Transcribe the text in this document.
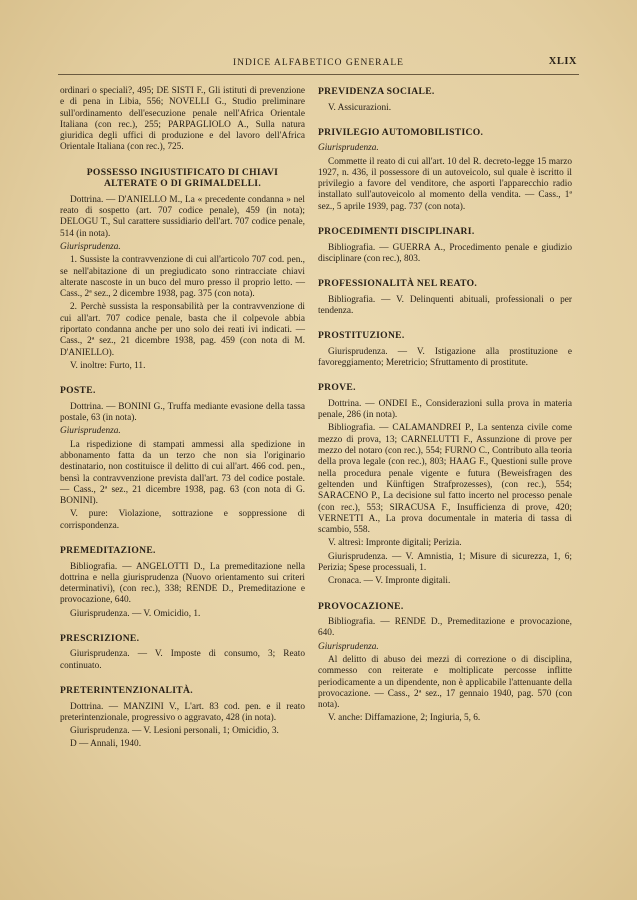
INDICE ALFABETICO GENERALE	XLIX

ordinari o speciali?, 495; DE SISTI F., Gli istituti di prevenzione e di pena in Libia, 556; NOVELLI G., Studio preliminare sull'ordinamento dell'esecuzione penale nell'Africa Orientale Italiana (con rec.), 255; PARPAGLIOLO A., Sulla natura giuridica degli uffici di produzione e del lavoro dell'Africa Orientale Italiana (con rec.), 725.

POSSESSO INGIUSTIFICATO DI CHIAVI ALTERATE O DI GRIMALDELLI.

Dottrina. — D'ANIELLO M., La « precedente condanna » nel reato di sospetto (art. 707 codice penale), 459 (in nota); DELOGU T., Sul carattere sussidiario dell'art. 707 codice penale, 514 (in nota).

Giurisprudenza.

1. Sussiste la contravvenzione di cui all'articolo 707 cod. pen., se nell'abitazione di un pregiudicato sono rintracciate chiavi alterate nascoste in un buco del muro presso il proprio letto. — Cass., 2ª sez., 2 dicembre 1938, pag. 375 (con nota).

2. Perchè sussista la responsabilità per la contravvenzione di cui all'art. 707 codice penale, basta che il colpevole abbia riportato condanna anche per uno solo dei reati ivi indicati. — Cass., 2ª sez., 21 dicembre 1938, pag. 459 (con nota di M. D'ANIELLO).

V. inoltre: Furto, 11.

POSTE.

Dottrina. — BONINI G., Truffa mediante evasione della tassa postale, 63 (in nota).

Giurisprudenza.

La rispedizione di stampati ammessi alla spedizione in abbonamento fatta da un terzo che non sia l'originario destinatario, non costituisce il delitto di cui all'art. 466 cod. pen., bensì la contravvenzione prevista dall'art. 73 del codice postale. — Cass., 2ª sez., 21 dicembre 1938, pag. 63 (con nota di G. BONINI).

V. pure: Violazione, sottrazione e soppressione di corrispondenza.

PREMEDITAZIONE.

Bibliografia. — ANGELOTTI D., La premeditazione nella dottrina e nella giurisprudenza (Nuovo orientamento sui criteri determinativi), (con rec.), 338; RENDE D., Premeditazione e provocazione, 640.

Giurisprudenza. — V. Omicidio, 1.

PRESCRIZIONE.

Giurisprudenza. — V. Imposte di consumo, 3; Reato continuato.

PRETERINTENZIONALITÀ.

Dottrina. — MANZINI V., L'art. 83 cod. pen. e il reato preterintenzionale, progressivo o aggravato, 428 (in nota).

Giurisprudenza. — V. Lesioni personali, 1; Omicidio, 3.

D — Annali, 1940.

PREVIDENZA SOCIALE.

V. Assicurazioni.

PRIVILEGIO AUTOMOBILISTICO.

Giurisprudenza.

Commette il reato di cui all'art. 10 del R. decreto-legge 15 marzo 1927, n. 436, il possessore di un autoveicolo, sul quale è iscritto il privilegio a favore del venditore, che asporti l'apparecchio radio installato sull'autoveicolo al momento della vendita. — Cass., 1ª sez., 5 aprile 1939, pag. 737 (con nota).

PROCEDIMENTI DISCIPLINARI.

Bibliografia. — GUERRA A., Procedimento penale e giudizio disciplinare (con rec.), 803.

PROFESSIONALITÀ NEL REATO.

Bibliografia. — V. Delinquenti abituali, professionali o per tendenza.

PROSTITUZIONE.

Giurisprudenza. — V. Istigazione alla prostituzione e favoreggiamento; Meretricio; Sfruttamento di prostitute.

PROVE.

Dottrina. — ONDEI E., Considerazioni sulla prova in materia penale, 286 (in nota).

Bibliografia. — CALAMANDREI P., La sentenza civile come mezzo di prova, 13; CARNELUTTI F., Assunzione di prove per mezzo del notaro (con rec.), 554; FURNO C., Contributo alla teoria della prova legale (con rec.), 803; HAAG F., Questioni sulle prove nella procedura penale vigente e futura (Beweisfragen des geltenden und Künftigen Strafprozesses), (con rec.), 554; SARACENO P., La decisione sul fatto incerto nel processo penale (con rec.), 553; SIRACUSA F., Insufficienza di prove, 420; VERNETTI A., La prova documentale in materia di tassa di scambio, 558.

V. altresì: Improntе digitali; Perizia.

Giurisprudenza. — V. Amnistia, 1; Misure di sicurezza, 1, 6; Perizia; Spese processuali, 1.

Cronaca. — V. Impronte digitali.

PROVOCAZIONE.

Bibliografia. — RENDE D., Premeditazione e provocazione, 640.

Giurisprudenza.

Al delitto di abuso dei mezzi di correzione o di disciplina, commesso con reiterate e moltiplicate percosse inflitte periodicamente a un dipendente, non è applicabile l'attenuante della provocazione. — Cass., 2ª sez., 17 gennaio 1940, pag. 570 (con nota).

V. anche: Diffamazione, 2; Ingiuria, 5, 6.
